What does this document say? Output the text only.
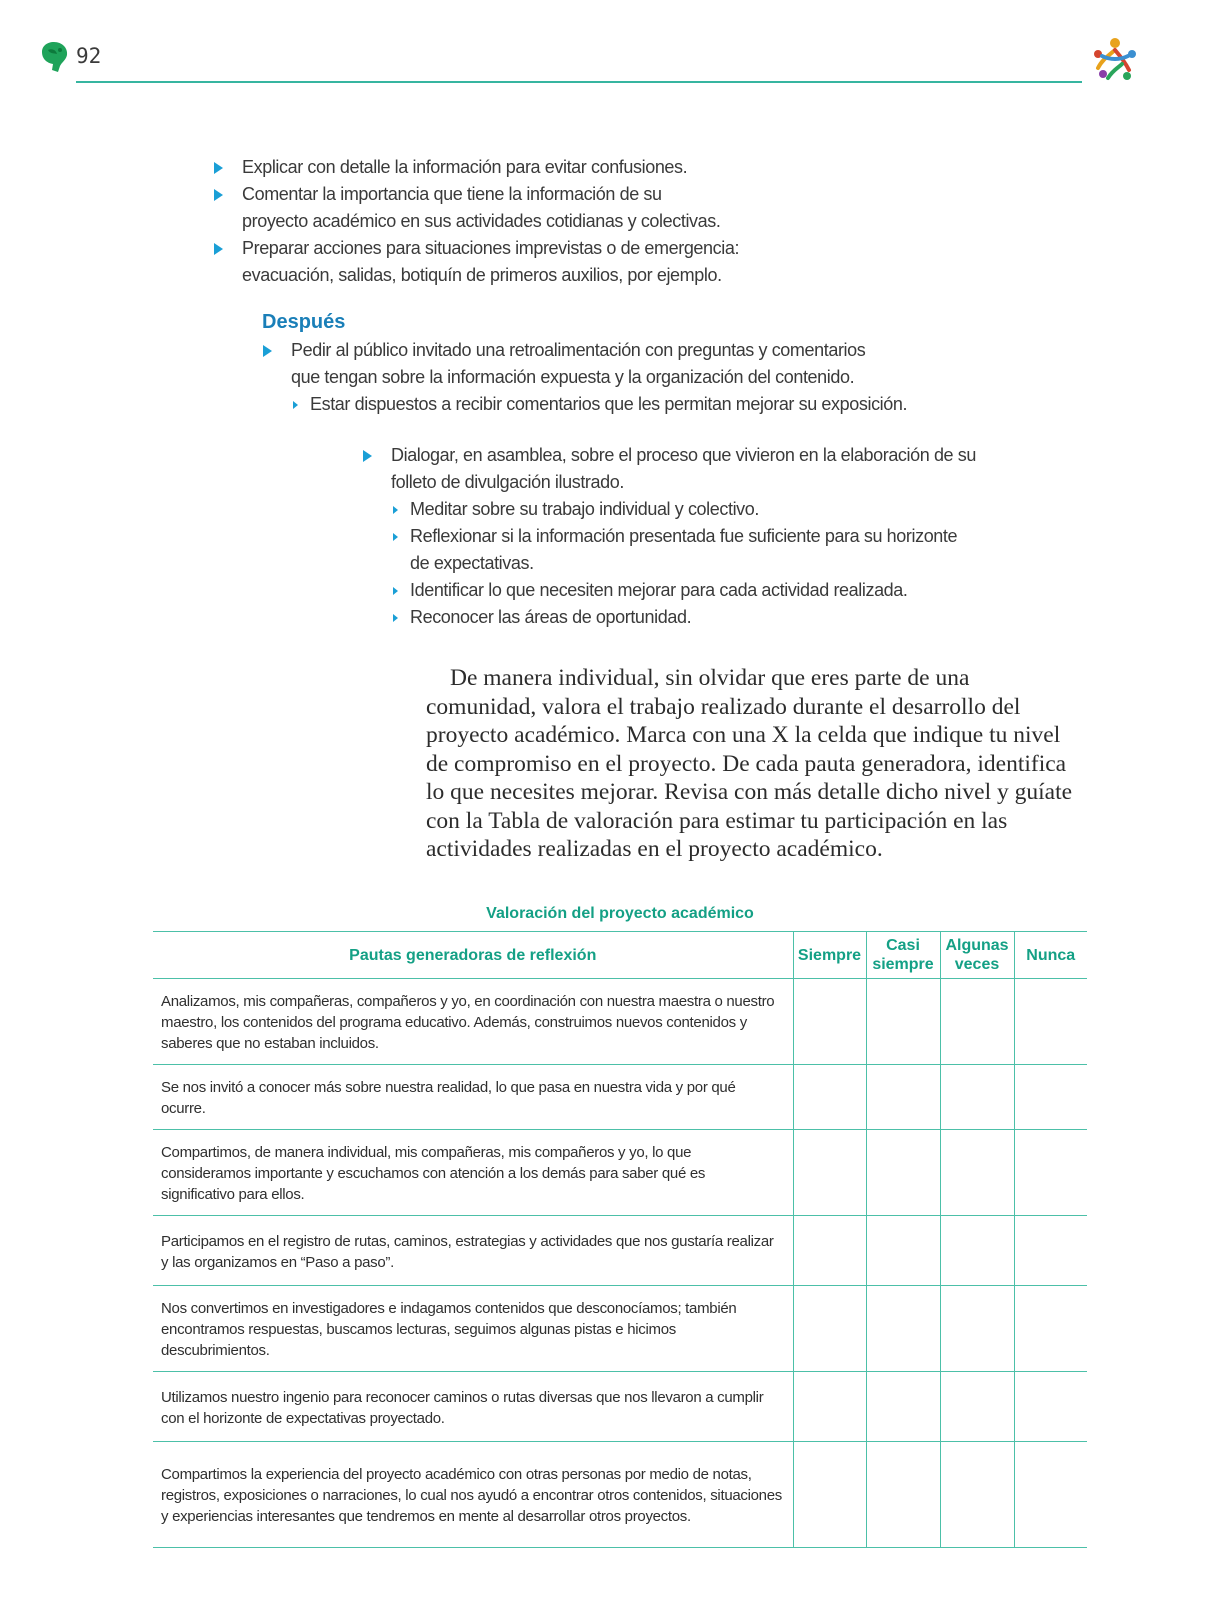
92
Explicar con detalle la información para evitar confusiones.
Comentar la importancia que tiene la información de su
proyecto académico en sus actividades cotidianas y colectivas.
Preparar acciones para situaciones imprevistas o de emergencia:
evacuación, salidas, botiquín de primeros auxilios, por ejemplo.
Después
Pedir al público invitado una retroalimentación con preguntas y comentarios
que tengan sobre la información expuesta y la organización del contenido.
Estar dispuestos a recibir comentarios que les permitan mejorar su exposición.
Dialogar, en asamblea, sobre el proceso que vivieron en la elaboración de su
folleto de divulgación ilustrado.
Meditar sobre su trabajo individual y colectivo.
Reflexionar si la información presentada fue suficiente para su horizonte
de expectativas.
Identificar lo que necesiten mejorar para cada actividad realizada.
Reconocer las áreas de oportunidad.
De manera individual, sin olvidar que eres parte de una comunidad, valora el trabajo realizado durante el desarrollo del proyecto académico. Marca con una X la celda que indique tu nivel de compromiso en el proyecto. De cada pauta generadora, identifica lo que necesites mejorar. Revisa con más detalle dicho nivel y guíate con la Tabla de valoración para estimar tu participación en las actividades realizadas en el proyecto académico.
Valoración del proyecto académico
Pautas generadoras de reflexión	Siempre	Casi siempre	Algunas veces	Nunca
Analizamos, mis compañeras, compañeros y yo, en coordinación con nuestra maestra o nuestro maestro, los contenidos del programa educativo. Además, construimos nuevos contenidos y saberes que no estaban incluidos.				
Se nos invitó a conocer más sobre nuestra realidad, lo que pasa en nuestra vida y por qué ocurre.				
Compartimos, de manera individual, mis compañeras, mis compañeros y yo, lo que consideramos importante y escuchamos con atención a los demás para saber qué es significativo para ellos.				
Participamos en el registro de rutas, caminos, estrategias y actividades que nos gustaría realizar y las organizamos en “Paso a paso”.				
Nos convertimos en investigadores e indagamos contenidos que desconocíamos; también encontramos respuestas, buscamos lecturas, seguimos algunas pistas e hicimos descubrimientos.				
Utilizamos nuestro ingenio para reconocer caminos o rutas diversas que nos llevaron a cumplir con el horizonte de expectativas proyectado.				
Compartimos la experiencia del proyecto académico con otras personas por medio de notas, registros, exposiciones o narraciones, lo cual nos ayudó a encontrar otros contenidos, situaciones y experiencias interesantes que tendremos en mente al desarrollar otros proyectos.				
